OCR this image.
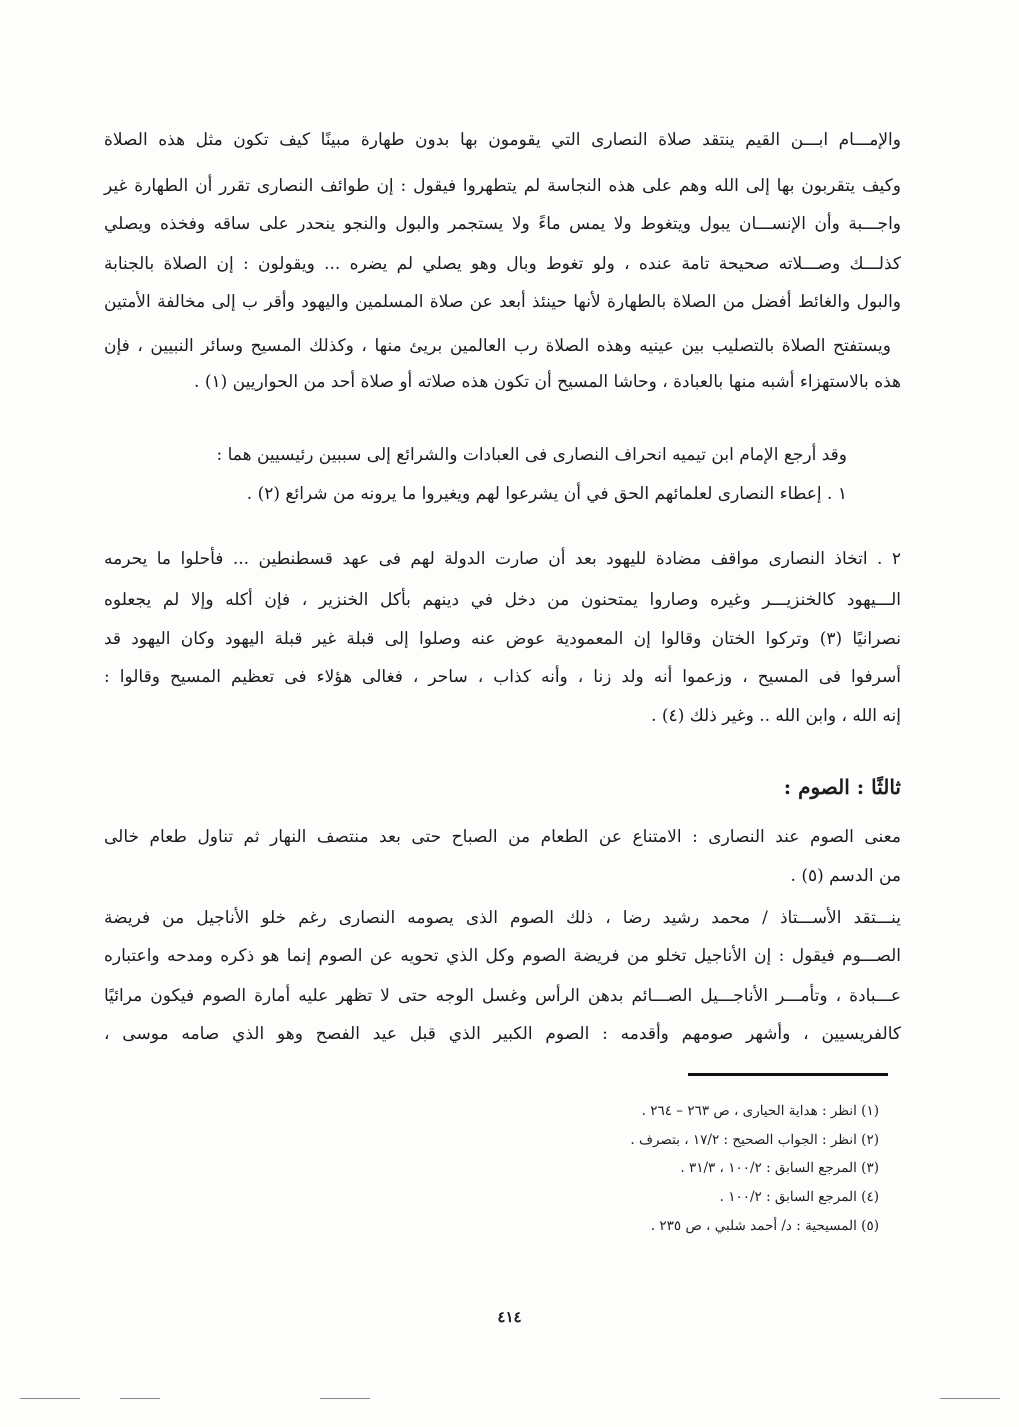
والإمـــام ابـــن القيم ينتقد صلاة النصارى التي يقومون بها بدون طهارة مبينًا كيف تكون مثل هذه الصلاة
وكيف يتقربون بها إلى الله وهم على هذه النجاسة لم يتطهروا فيقول : إن طوائف النصارى تقرر أن الطهارة غير
واجـــبة وأن الإنســـان يبول ويتغوط ولا يمس ماءً ولا يستجمر والبول والنجو ينحدر على ساقه وفخذه ويصلي
كذلـــك وصـــلاته صحيحة تامة عنده ، ولو تغوط وبال وهو يصلي لم يضره ... ويقولون : إن الصلاة بالجنابة
والبول والغائط أفضل من الصلاة بالطهارة لأنها حينئذ أبعد عن صلاة المسلمين واليهود وأقر ب إلى مخالفة الأمتين
ويستفتح الصلاة بالتصليب بين عينيه وهذه الصلاة رب العالمين بريئ منها ، وكذلك المسيح وسائر النبيين ، فإن
هذه بالاستهزاء أشبه منها بالعبادة ، وحاشا المسيح أن تكون هذه صلاته أو صلاة أحد من الحواريين (١) .
وقد أرجع الإمام ابن تيميه انحراف النصارى فى العبادات والشرائع إلى سببين رئيسيين هما :
١ . إعطاء النصارى لعلمائهم الحق في أن يشرعوا لهم ويغيروا ما يرونه من شرائع (٢) .
٢ . اتخاذ النصارى مواقف مضادة لليهود بعد أن صارت الدولة لهم فى عهد قسطنطين ... فأحلوا ما يحرمه
الـــيهود كالخنزيـــر وغيره وصاروا يمتحنون من دخل في دينهم بأكل الخنزير ، فإن أكله وإلا لم يجعلوه
نصرانيًا (٣) وتركوا الختان وقالوا إن المعمودية عوض عنه وصلوا إلى قبلة غير قبلة اليهود وكان اليهود قد
أسرفوا فى المسيح ، وزعموا أنه ولد زنا ، وأنه كذاب ، ساحر ، فغالى هؤلاء فى تعظيم المسيح وقالوا :
إنه الله ، وابن الله .. وغير ذلك (٤) .
ثالثًا : الصوم :
معنى الصوم عند النصارى : الامتناع عن الطعام من الصباح حتى بعد منتصف النهار ثم تناول طعام خالى
من الدسم (٥) .
ينـــتقد الأســـتاذ / محمد رشيد رضا ، ذلك الصوم الذى يصومه النصارى رغم خلو الأناجيل من فريضة
الصـــوم فيقول : إن الأناجيل تخلو من فريضة الصوم وكل الذي تحويه عن الصوم إنما هو ذكره ومدحه واعتباره
عـــبادة ، وتأمـــر الأناجـــيل الصـــائم بدهن الرأس وغسل الوجه حتى لا تظهر عليه أمارة الصوم فيكون مرائيًا
كالفريسيين ، وأشهر صومهم وأقدمه : الصوم الكبير الذي قبل عيد الفصح وهو الذي صامه موسى ،
(١) انظر : هداية الحيارى ، ص ٢٦٣ – ٢٦٤ .
(٢) انظر : الجواب الصحيح : ١٧/٢ ، بتصرف .
(٣) المرجع السابق : ١٠٠/٢ ، ٣١/٣ .
(٤) المرجع السابق : ١٠٠/٢ .
(٥) المسيحية : د/ أحمد شلبي ، ص ٢٣٥ .
٤١٤
